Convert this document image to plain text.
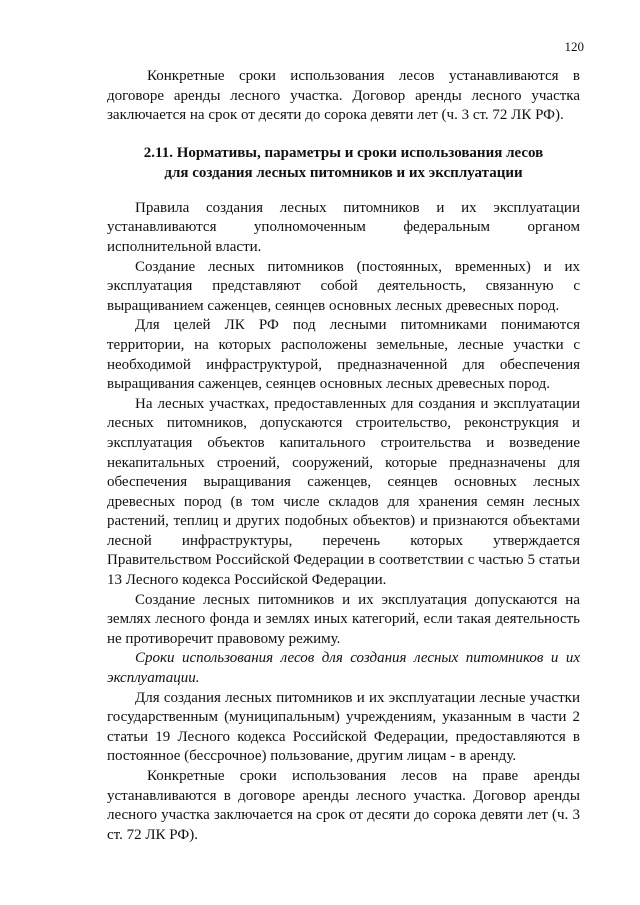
120

Конкретные сроки использования лесов устанавливаются в договоре аренды лесного участка. Договор аренды лесного участка заключается на срок от десяти до сорока девяти лет (ч. 3 ст. 72 ЛК РФ).

2.11. Нормативы, параметры и сроки использования лесов
для создания лесных питомников и их эксплуатации

Правила создания лесных питомников и их эксплуатации устанавливаются уполномоченным федеральным органом исполнительной власти.

Создание лесных питомников (постоянных, временных) и их эксплуатация представляют собой деятельность, связанную с выращиванием саженцев, сеянцев основных лесных древесных пород.

Для целей ЛК РФ под лесными питомниками понимаются территории, на которых расположены земельные, лесные участки с необходимой инфраструктурой, предназначенной для обеспечения выращивания саженцев, сеянцев основных лесных древесных пород.

На лесных участках, предоставленных для создания и эксплуатации лесных питомников, допускаются строительство, реконструкция и эксплуатация объектов капитального строительства и возведение некапитальных строений, сооружений, которые предназначены для обеспечения выращивания саженцев, сеянцев основных лесных древесных пород (в том числе складов для хранения семян лесных растений, теплиц и других подобных объектов) и признаются объектами лесной инфраструктуры, перечень которых утверждается Правительством Российской Федерации в соответствии с частью 5 статьи 13 Лесного кодекса Российской Федерации.

Создание лесных питомников и их эксплуатация допускаются на землях лесного фонда и землях иных категорий, если такая деятельность не противоречит правовому режиму.

Сроки использования лесов для создания лесных питомников и их эксплуатации.

Для создания лесных питомников и их эксплуатации лесные участки государственным (муниципальным) учреждениям, указанным в части 2 статьи 19 Лесного кодекса Российской Федерации, предоставляются в постоянное (бессрочное) пользование, другим лицам - в аренду.

Конкретные сроки использования лесов на праве аренды устанавливаются в договоре аренды лесного участка. Договор аренды лесного участка заключается на срок от десяти до сорока девяти лет (ч. 3 ст. 72 ЛК РФ).
